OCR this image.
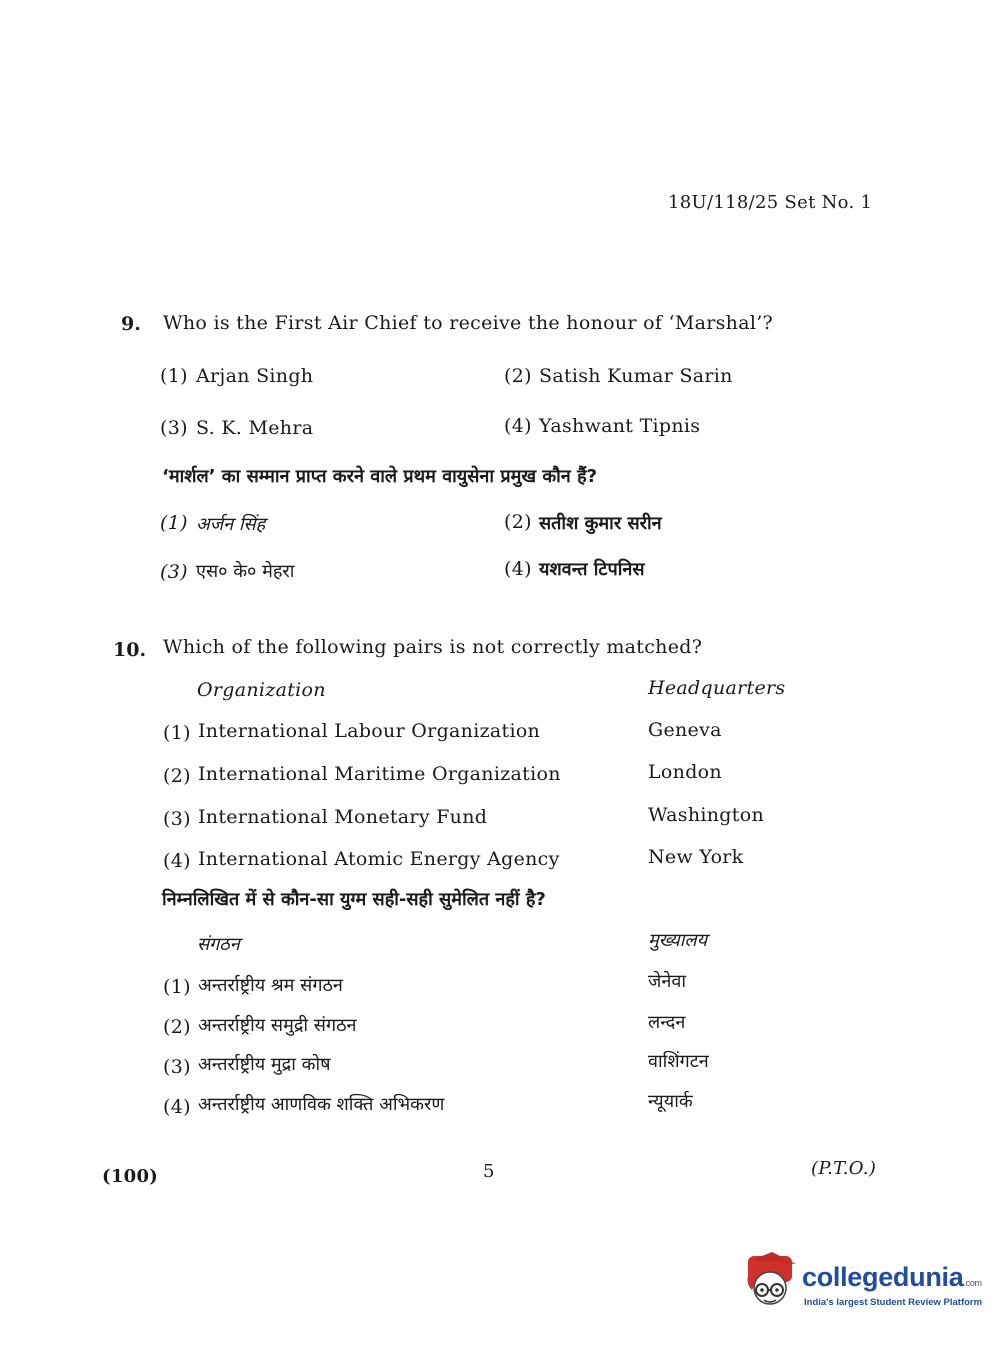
18U/118/25 Set No. 1
9. Who is the First Air Chief to receive the honour of ‘Marshal’?
(1) Arjan Singh	(2) Satish Kumar Sarin
(3) S. K. Mehra	(4) Yashwant Tipnis
‘मार्शल’ का सम्मान प्राप्त करने वाले प्रथम वायुसेना प्रमुख कौन हैं?
(1) अर्जन सिंह	(2) सतीश कुमार सरीन
(3) एस० के० मेहरा	(4) यशवन्त टिपनिस
10. Which of the following pairs is not correctly matched?
Organization	Headquarters
(1) International Labour Organization	Geneva
(2) International Maritime Organization	London
(3) International Monetary Fund	Washington
(4) International Atomic Energy Agency	New York
निम्नलिखित में से कौन-सा युग्म सही-सही सुमेलित नहीं है?
संगठन	मुख्यालय
(1) अन्तर्राष्ट्रीय श्रम संगठन	जेनेवा
(2) अन्तर्राष्ट्रीय समुद्री संगठन	लन्दन
(3) अन्तर्राष्ट्रीय मुद्रा कोष	वाशिंगटन
(4) अन्तर्राष्ट्रीय आणविक शक्ति अभिकरण	न्यूयार्क
(100)	5	(P.T.O.)
collegedunia.com
India's largest Student Review Platform
